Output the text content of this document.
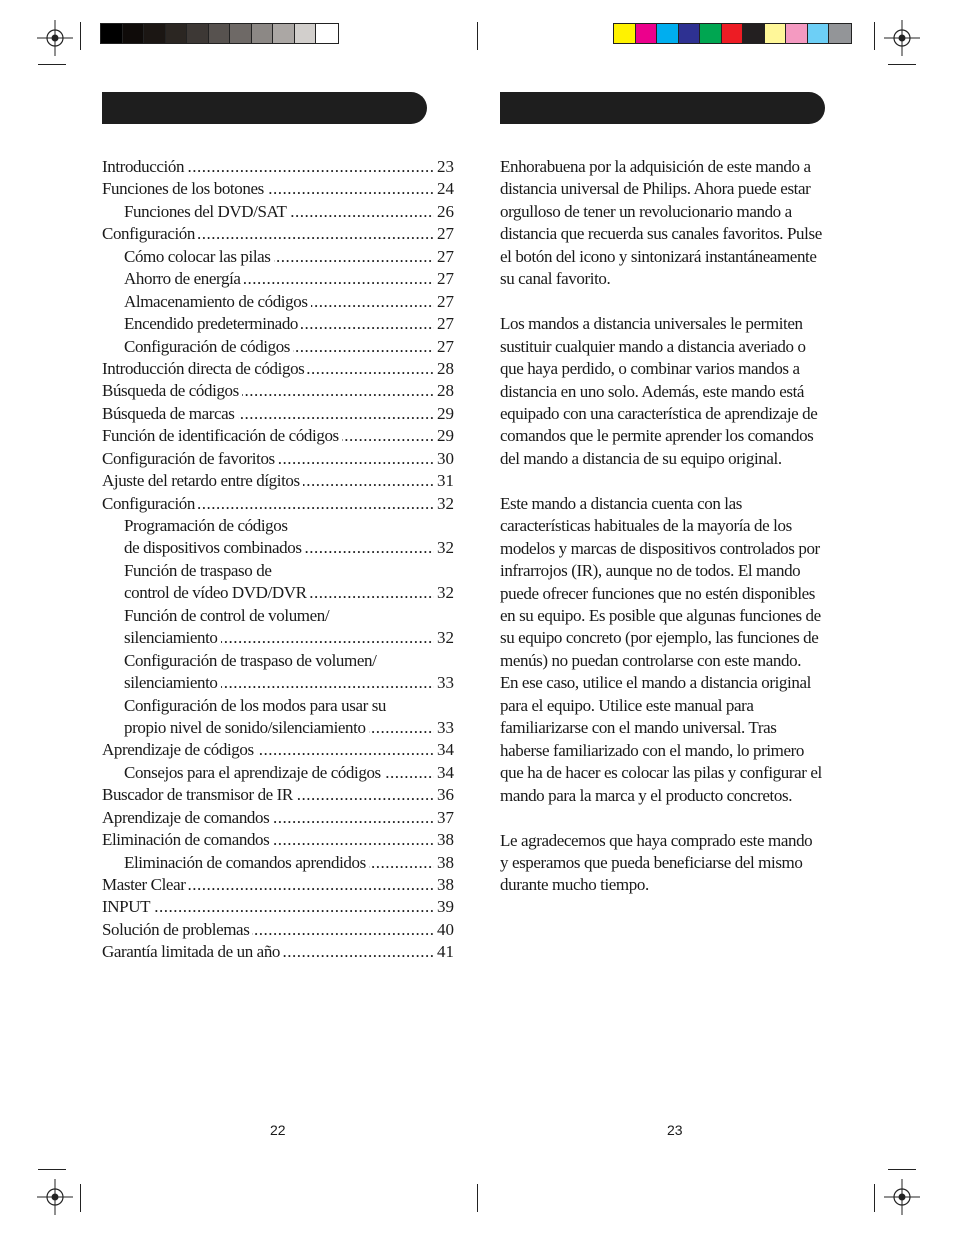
.....
Introducción	23
.....
Funciones de los botones	24
.....
Funciones del DVD/SAT	26
.....
Configuración	27
.....
Cómo colocar las pilas	27
.....
Ahorro de energía	27
.....
Almacenamiento de códigos	27
.....
Encendido predeterminado	27
.....
Configuración de códigos	27
.....
Introducción directa de códigos	28
.....
Búsqueda de códigos	28
.....
Búsqueda de marcas	29
.....
Función de identificación de códigos	29
.....
Configuración de favoritos	30
.....
Ajuste del retardo entre dígitos	31
.....
Configuración	32
Programación de códigos
.....
de dispositivos combinados	32
Función de traspaso de
.....
control de vídeo DVD/DVR	32
Función de control de volumen/
.....
silenciamiento	32
Configuración de traspaso de volumen/
.....
silenciamiento	33
Configuración de los modos para usar su
.....
propio nivel de sonido/silenciamiento	33
.....
Aprendizaje de códigos	34
.....
Consejos para el aprendizaje de códigos	34
.....
Buscador de transmisor de IR	36
.....
Aprendizaje de comandos	37
.....
Eliminación de comandos	38
.....
Eliminación de comandos aprendidos	38
.....
Master Clear	38
.....
INPUT	39
.....
Solución de problemas	40
.....
Garantía limitada de un año	41

Enhorabuena por la adquisición de este mando a
distancia universal de Philips. Ahora puede estar
orgulloso de tener un revolucionario mando a
distancia que recuerda sus canales favoritos. Pulse
el botón del icono y sintonizará instantáneamente
su canal favorito.

Los mandos a distancia universales le permiten
sustituir cualquier mando a distancia averiado o
que haya perdido, o combinar varios mandos a
distancia en uno solo. Además, este mando está
equipado con una característica de aprendizaje de
comandos que le permite aprender los comandos
del mando a distancia de su equipo original.

Este mando a distancia cuenta con las
características habituales de la mayoría de los
modelos y marcas de dispositivos controlados por
infrarrojos (IR), aunque no de todos. El mando
puede ofrecer funciones que no estén disponibles
en su equipo. Es posible que algunas funciones de
su equipo concreto (por ejemplo, las funciones de
menús) no puedan controlarse con este mando.
En ese caso, utilice el mando a distancia original
para el equipo. Utilice este manual para
familiarizarse con el mando universal. Tras
haberse familiarizado con el mando, lo primero
que ha de hacer es colocar las pilas y configurar el
mando para la marca y el producto concretos.

Le agradecemos que haya comprado este mando
y esperamos que pueda beneficiarse del mismo
durante mucho tiempo.

22	23
